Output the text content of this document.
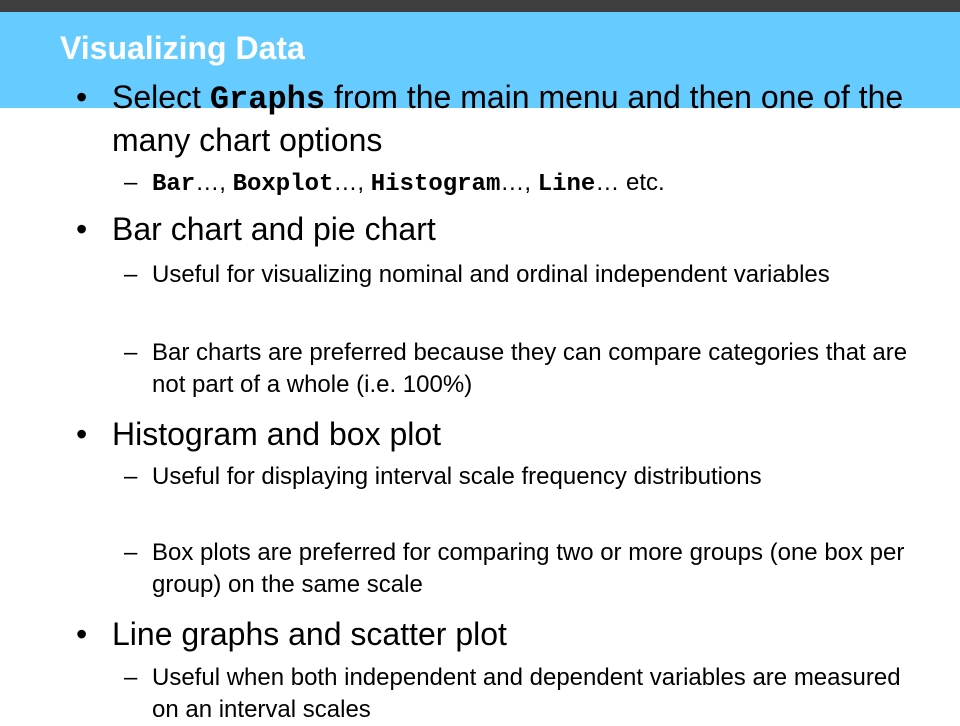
Visualizing Data
• Select Graphs from the main menu and then one of the many chart options
– Bar…, Boxplot…, Histogram…, Line… etc.
• Bar chart and pie chart
– Useful for visualizing nominal and ordinal independent variables
– Bar charts are preferred because they can compare categories that are not part of a whole (i.e. 100%)
• Histogram and box plot
– Useful for displaying interval scale frequency distributions
– Box plots are preferred for comparing two or more groups (one box per group) on the same scale
• Line graphs and scatter plot
– Useful when both independent and dependent variables are measured on an interval scales
